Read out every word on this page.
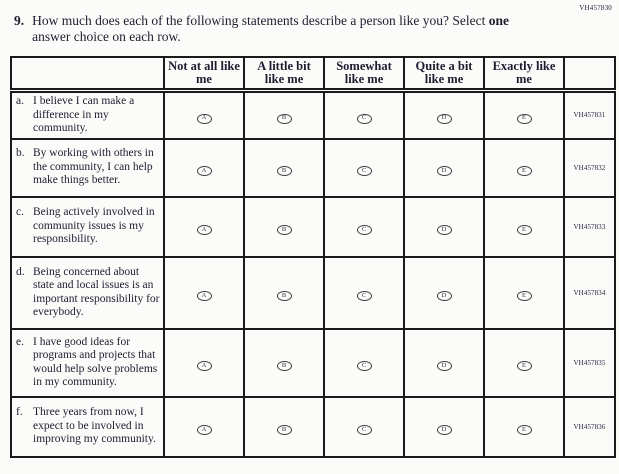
VH457830
9. How much does each of the following statements describe a person like you? Select one answer choice on each row.
	Not at all like me	A little bit like me	Somewhat like me	Quite a bit like me	Exactly like me	

a. I believe I can make a difference in my community.	A	B	C	D	E	VH457831

b. By working with others in the community, I can help make things better.	A	B	C	D	E	VH457832

c. Being actively involved in community issues is my responsibility.	A	B	C	D	E	VH457833

d. Being concerned about state and local issues is an important responsibility for everybody.	A	B	C	D	E	VH457834

e. I have good ideas for programs and projects that would help solve problems in my community.	A	B	C	D	E	VH457835

f. Three years from now, I expect to be involved in improving my community.	A	B	C	D	E	VH457836
